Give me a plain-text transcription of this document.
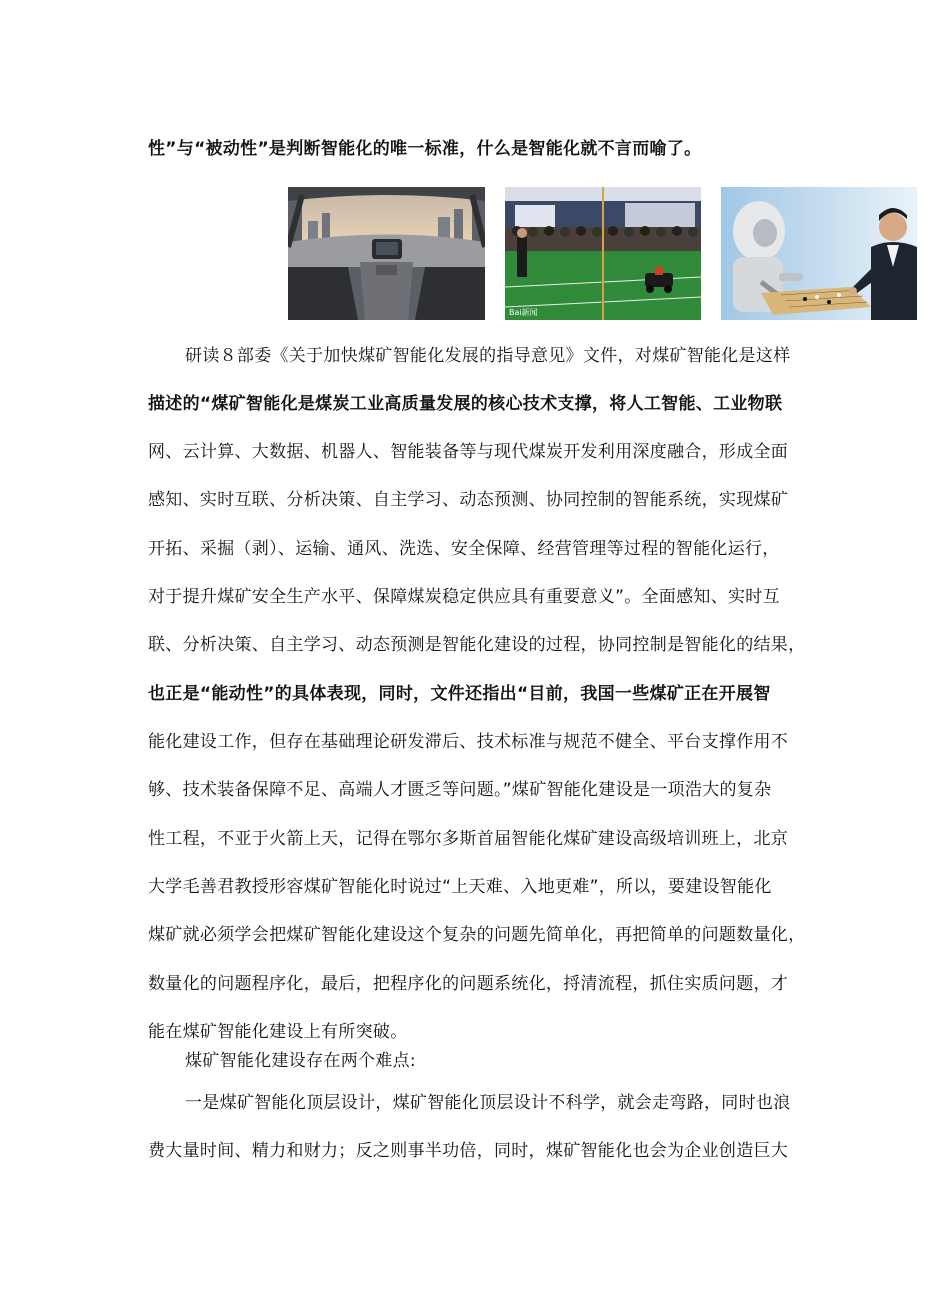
性”与“被动性”是判断智能化的唯一标准，什么是智能化就不言而喻了。
Bai新闻
研读８部委《关于加快煤矿智能化发展的指导意见》文件，对煤矿智能化是这样
描述的“煤矿智能化是煤炭工业高质量发展的核心技术支撑，将人工智能、工业物联
网、云计算、大数据、机器人、智能装备等与现代煤炭开发利用深度融合，形成全面
感知、实时互联、分析决策、自主学习、动态预测、协同控制的智能系统，实现煤矿
开拓、采掘（剥）、运输、通风、洗选、安全保障、经营管理等过程的智能化运行，
对于提升煤矿安全生产水平、保障煤炭稳定供应具有重要意义”。全面感知、实时互
联、分析决策、自主学习、动态预测是智能化建设的过程，协同控制是智能化的结果，
也正是“能动性”的具体表现，同时，文件还指出“目前，我国一些煤矿正在开展智
能化建设工作，但存在基础理论研发滞后、技术标准与规范不健全、平台支撑作用不
够、技术装备保障不足、高端人才匮乏等问题。”煤矿智能化建设是一项浩大的复杂
性工程，不亚于火箭上天，记得在鄂尔多斯首届智能化煤矿建设高级培训班上，北京
大学毛善君教授形容煤矿智能化时说过“上天难、入地更难”，所以，要建设智能化
煤矿就必须学会把煤矿智能化建设这个复杂的问题先简单化，再把简单的问题数量化，
数量化的问题程序化，最后，把程序化的问题系统化，捋清流程，抓住实质问题，才
能在煤矿智能化建设上有所突破。
煤矿智能化建设存在两个难点:
一是煤矿智能化顶层设计，煤矿智能化顶层设计不科学，就会走弯路，同时也浪
费大量时间、精力和财力；反之则事半功倍，同时，煤矿智能化也会为企业创造巨大
